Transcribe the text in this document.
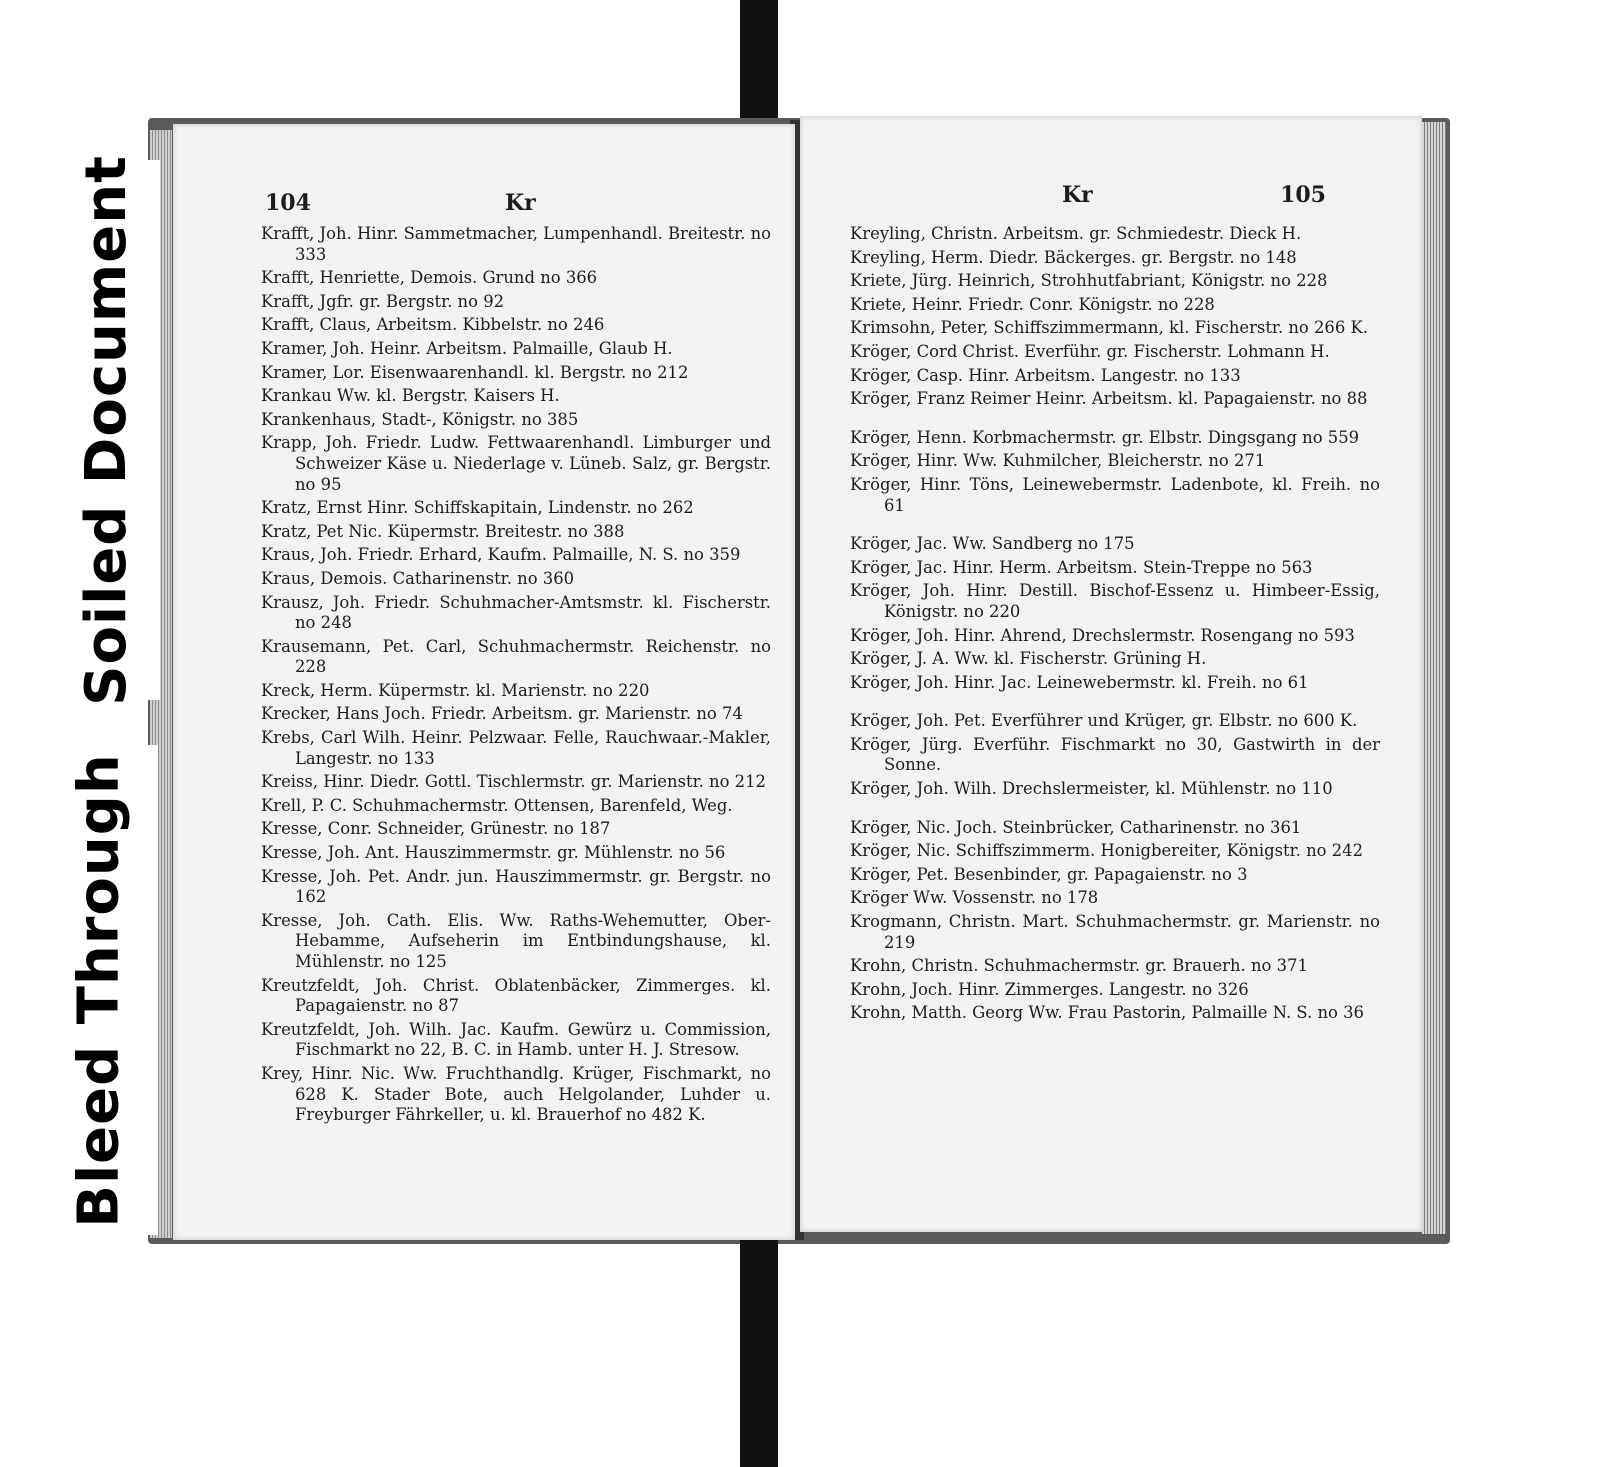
Soiled Document
Bleed Through
104	Kr
Krafft, Joh. Hinr. Sammetmacher, Lumpenhandl. Breitestr. no 333
Krafft, Henriette, Demois. Grund no 366
Krafft, Jgfr. gr. Bergstr. no 92
Krafft, Claus, Arbeitsm. Kibbelstr. no 246
Kramer, Joh. Heinr. Arbeitsm. Palmaille, Glaub H.
Kramer, Lor. Eisenwaarenhandl. kl. Bergstr. no 212
Krankau Ww. kl. Bergstr. Kaisers H.
Krankenhaus, Stadt-, Königstr. no 385
Krapp, Joh. Friedr. Ludw. Fettwaarenhandl. Limburger und Schweizer Käse u. Niederlage v. Lüneb. Salz, gr. Bergstr. no 95
Kratz, Ernst Hinr. Schiffskapitain, Lindenstr. no 262
Kratz, Pet Nic. Küpermstr. Breitestr. no 388
Kraus, Joh. Friedr. Erhard, Kaufm. Palmaille, N. S. no 359
Kraus, Demois. Catharinenstr. no 360
Krausz, Joh. Friedr. Schuhmacher-Amtsmstr. kl. Fischerstr. no 248
Krausemann, Pet. Carl, Schuhmachermstr. Reichenstr. no 228
Kreck, Herm. Küpermstr. kl. Marienstr. no 220
Krecker, Hans Joch. Friedr. Arbeitsm. gr. Marienstr. no 74
Krebs, Carl Wilh. Heinr. Pelzwaar. Felle, Rauchwaar.-Makler, Langestr. no 133
Kreiss, Hinr. Diedr. Gottl. Tischlermstr. gr. Marienstr. no 212
Krell, P. C. Schuhmachermstr. Ottensen, Barenfeld, Weg.
Kresse, Conr. Schneider, Grünestr. no 187
Kresse, Joh. Ant. Hauszimmermstr. gr. Mühlenstr. no 56
Kresse, Joh. Pet. Andr. jun. Hauszimmermstr. gr. Bergstr. no 162
Kresse, Joh. Cath. Elis. Ww. Raths-Wehemutter, Ober-Hebamme, Aufseherin im Entbindungshause, kl. Mühlenstr. no 125
Kreutzfeldt, Joh. Christ. Oblatenbäcker, Zimmerges. kl. Papagaienstr. no 87
Kreutzfeldt, Joh. Wilh. Jac. Kaufm. Gewürz u. Commission, Fischmarkt no 22, B. C. in Hamb. unter H. J. Stresow.
Krey, Hinr. Nic. Ww. Fruchthandlg. Krüger, Fischmarkt, no 628 K. Stader Bote, auch Helgolander, Luhder u. Freyburger Fährkeller, u. kl. Brauerhof no 482 K.
Kr	105
Kreyling, Christn. Arbeitsm. gr. Schmiedestr. Dieck H.
Kreyling, Herm. Diedr. Bäckerges. gr. Bergstr. no 148
Kriete, Jürg. Heinrich, Strohhutfabriant, Königstr. no 228
Kriete, Heinr. Friedr. Conr. Königstr. no 228
Krimsohn, Peter, Schiffszimmermann, kl. Fischerstr. no 266 K.
Kröger, Cord Christ. Everführ. gr. Fischerstr. Lohmann H.
Kröger, Casp. Hinr. Arbeitsm. Langestr. no 133
Kröger, Franz Reimer Heinr. Arbeitsm. kl. Papagaienstr. no 88
Kröger, Henn. Korbmachermstr. gr. Elbstr. Dingsgang no 559
Kröger, Hinr. Ww. Kuhmilcher, Bleicherstr. no 271
Kröger, Hinr. Töns, Leinewebermstr. Ladenbote, kl. Freih. no 61
Kröger, Jac. Ww. Sandberg no 175
Kröger, Jac. Hinr. Herm. Arbeitsm. Stein-Treppe no 563
Kröger, Joh. Hinr. Destill. Bischof-Essenz u. Himbeer-Essig, Königstr. no 220
Kröger, Joh. Hinr. Ahrend, Drechslermstr. Rosengang no 593
Kröger, J. A. Ww. kl. Fischerstr. Grüning H.
Kröger, Joh. Hinr. Jac. Leinewebermstr. kl. Freih. no 61
Kröger, Joh. Pet. Everführer und Krüger, gr. Elbstr. no 600 K.
Kröger, Jürg. Everführ. Fischmarkt no 30, Gastwirth in der Sonne.
Kröger, Joh. Wilh. Drechslermeister, kl. Mühlenstr. no 110
Kröger, Nic. Joch. Steinbrücker, Catharinenstr. no 361
Kröger, Nic. Schiffszimmerm. Honigbereiter, Königstr. no 242
Kröger, Pet. Besenbinder, gr. Papagaienstr. no 3
Kröger Ww. Vossenstr. no 178
Krogmann, Christn. Mart. Schuhmachermstr. gr. Marienstr. no 219
Krohn, Christn. Schuhmachermstr. gr. Brauerh. no 371
Krohn, Joch. Hinr. Zimmerges. Langestr. no 326
Krohn, Matth. Georg Ww. Frau Pastorin, Palmaille N. S. no 36
